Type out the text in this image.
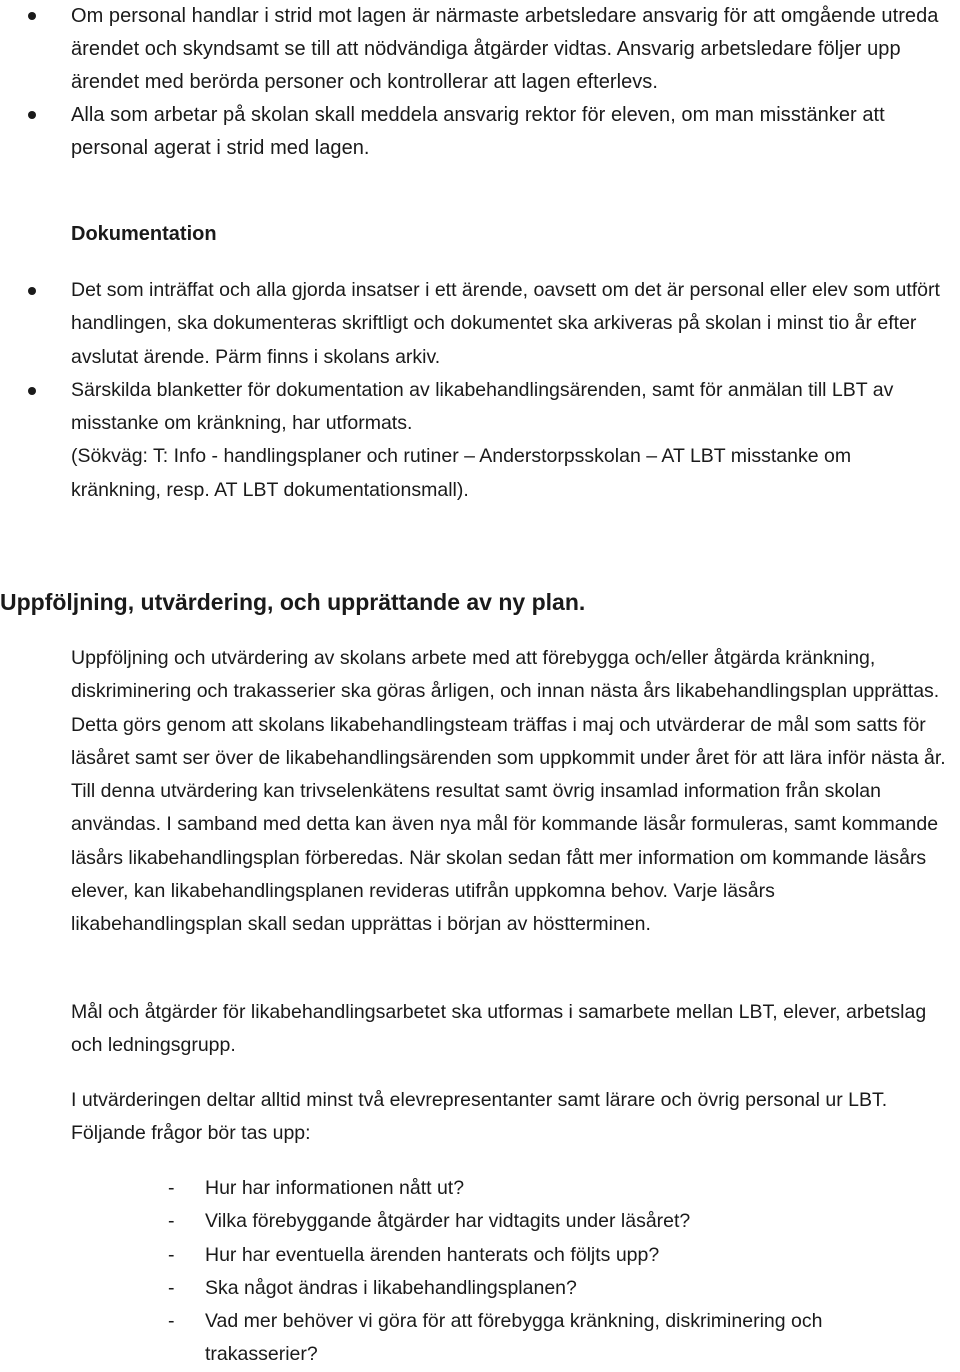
Om personal handlar i strid mot lagen är närmaste arbetsledare ansvarig för att omgående utreda ärendet och skyndsamt se till att nödvändiga åtgärder vidtas. Ansvarig arbetsledare följer upp ärendet med berörda personer och kontrollerar att lagen efterlevs.
Alla som arbetar på skolan skall meddela ansvarig rektor för eleven, om man misstänker att personal agerat i strid med lagen.
Dokumentation
Det som inträffat och alla gjorda insatser i ett ärende, oavsett om det är personal eller elev som utfört handlingen, ska dokumenteras skriftligt och dokumentet ska arkiveras på skolan i minst tio år efter avslutat ärende. Pärm finns i skolans arkiv.
Särskilda blanketter för dokumentation av likabehandlingsärenden, samt för anmälan till LBT av misstanke om kränkning, har utformats.
(Sökväg: T: Info - handlingsplaner och rutiner – Anderstorpsskolan – AT LBT misstanke om kränkning, resp. AT LBT dokumentationsmall).
Uppföljning, utvärdering, och upprättande av ny plan.

Uppföljning och utvärdering av skolans arbete med att förebygga och/eller åtgärda kränkning, diskriminering och trakasserier ska göras årligen, och innan nästa års likabehandlingsplan upprättas. Detta görs genom att skolans likabehandlingsteam träffas i maj och utvärderar de mål som satts för läsåret samt ser över de likabehandlingsärenden som uppkommit under året för att lära inför nästa år. Till denna utvärdering kan trivselenkätens resultat samt övrig insamlad information från skolan användas. I samband med detta kan även nya mål för kommande läsår formuleras, samt kommande läsårs likabehandlingsplan förberedas. När skolan sedan fått mer information om kommande läsårs elever, kan likabehandlingsplanen revideras utifrån uppkomna behov. Varje läsårs likabehandlingsplan skall sedan upprättas i början av höstterminen.

Mål och åtgärder för likabehandlingsarbetet ska utformas i samarbete mellan LBT, elever, arbetslag och ledningsgrupp.

I utvärderingen deltar alltid minst två elevrepresentanter samt lärare och övrig personal ur LBT. Följande frågor bör tas upp:

- Hur har informationen nått ut?
- Vilka förebyggande åtgärder har vidtagits under läsåret?
- Hur har eventuella ärenden hanterats och följts upp?
- Ska något ändras i likabehandlingsplanen?
- Vad mer behöver vi göra för att förebygga kränkning, diskriminering och trakasserier?
